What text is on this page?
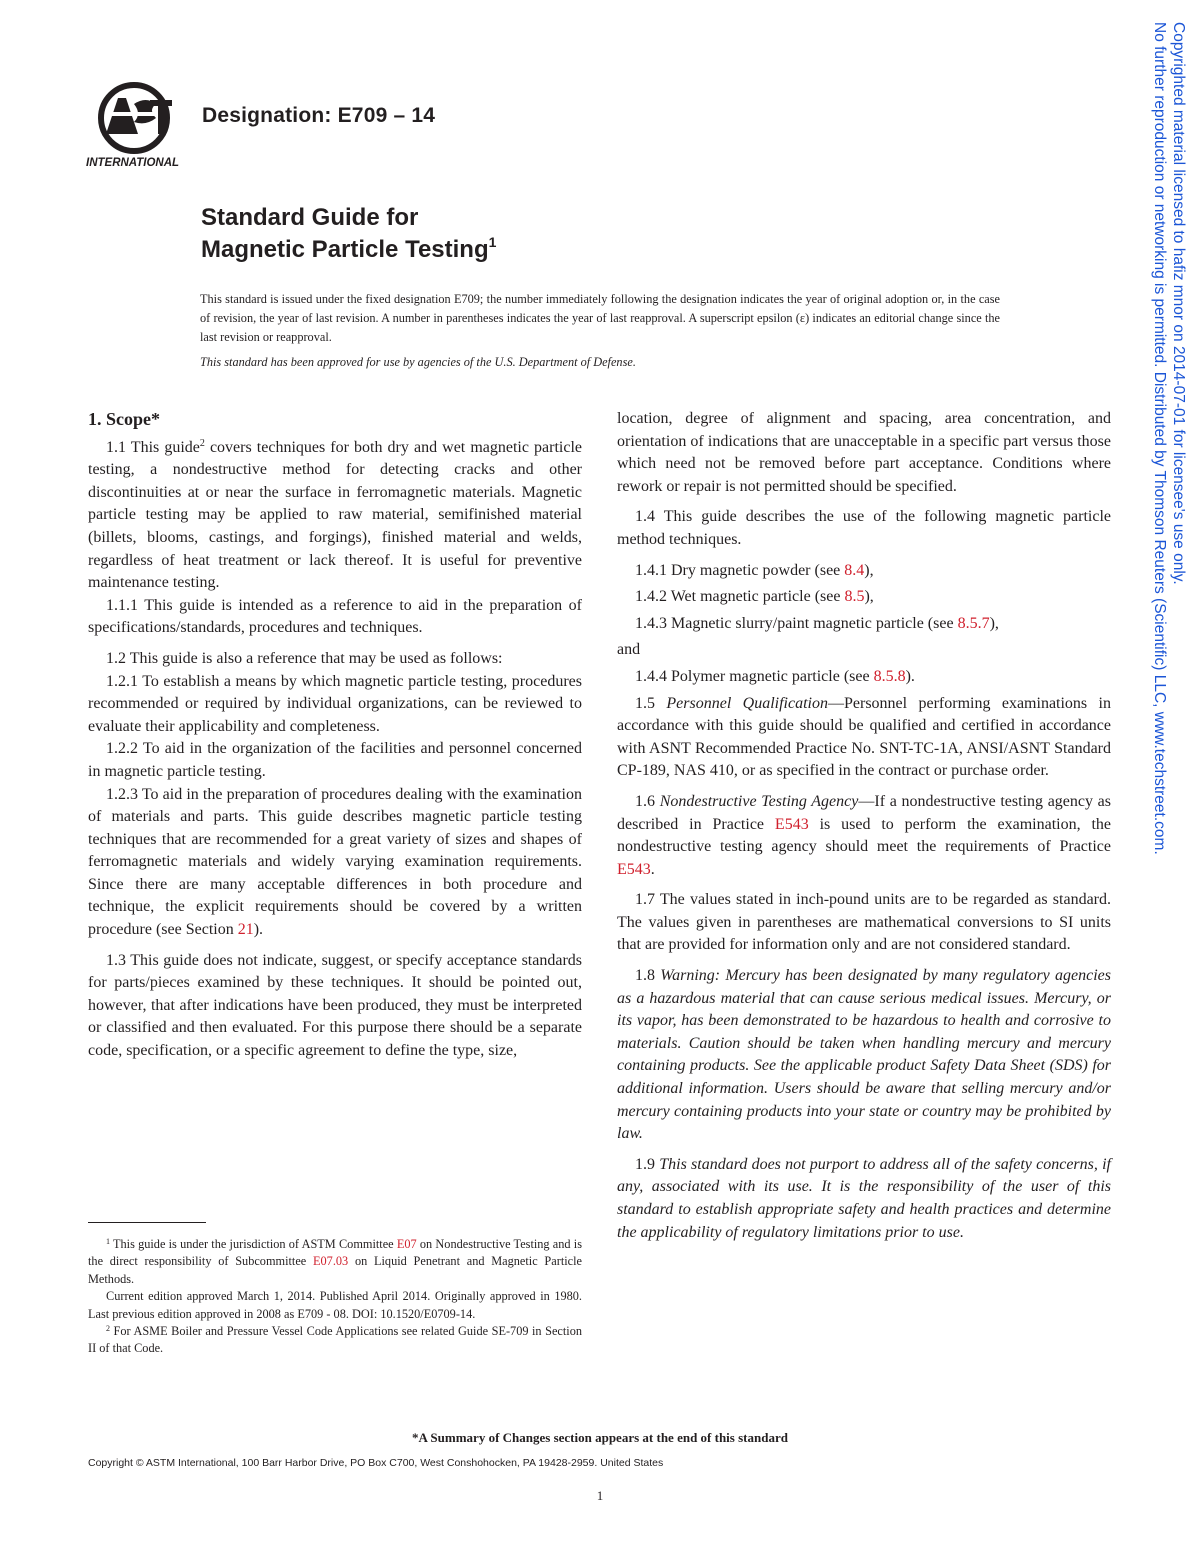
INTERNATIONAL
Designation: E709 – 14
Standard Guide for
Magnetic Particle Testing$^1$
This standard is issued under the fixed designation E709; the number immediately following the designation indicates the year of original adoption or, in the case of revision, the year of last revision. A number in parentheses indicates the year of last reapproval. A superscript epsilon (ε) indicates an editorial change since the last revision or reapproval.
This standard has been approved for use by agencies of the U.S. Department of Defense.
1. Scope*

1.1 This guide$^2$ covers techniques for both dry and wet magnetic particle testing, a nondestructive method for detecting cracks and other discontinuities at or near the surface in ferromagnetic materials. Magnetic particle testing may be applied to raw material, semifinished material (billets, blooms, castings, and forgings), finished material and welds, regardless of heat treatment or lack thereof. It is useful for preventive maintenance testing.

1.1.1 This guide is intended as a reference to aid in the preparation of specifications/standards, procedures and techniques.

1.2 This guide is also a reference that may be used as follows:

1.2.1 To establish a means by which magnetic particle testing, procedures recommended or required by individual organizations, can be reviewed to evaluate their applicability and completeness.

1.2.2 To aid in the organization of the facilities and personnel concerned in magnetic particle testing.

1.2.3 To aid in the preparation of procedures dealing with the examination of materials and parts. This guide describes magnetic particle testing techniques that are recommended for a great variety of sizes and shapes of ferromagnetic materials and widely varying examination requirements. Since there are many acceptable differences in both procedure and technique, the explicit requirements should be covered by a written procedure (see Section 21).

1.3 This guide does not indicate, suggest, or specify acceptance standards for parts/pieces examined by these techniques. It should be pointed out, however, that after indications have been produced, they must be interpreted or classified and then evaluated. For this purpose there should be a separate code, specification, or a specific agreement to define the type, size,

$^1$ This guide is under the jurisdiction of ASTM Committee E07 on Nondestructive Testing and is the direct responsibility of Subcommittee E07.03 on Liquid Penetrant and Magnetic Particle Methods.

Current edition approved March 1, 2014. Published April 2014. Originally approved in 1980. Last previous edition approved in 2008 as E709 - 08. DOI: 10.1520/E0709-14.

$^2$ For ASME Boiler and Pressure Vessel Code Applications see related Guide SE-709 in Section II of that Code.

location, degree of alignment and spacing, area concentration, and orientation of indications that are unacceptable in a specific part versus those which need not be removed before part acceptance. Conditions where rework or repair is not permitted should be specified.

1.4 This guide describes the use of the following magnetic particle method techniques.

1.4.1 Dry magnetic powder (see 8.4),

1.4.2 Wet magnetic particle (see 8.5),

1.4.3 Magnetic slurry/paint magnetic particle (see 8.5.7),

and

1.4.4 Polymer magnetic particle (see 8.5.8).

1.5 Personnel Qualification—Personnel performing examinations in accordance with this guide should be qualified and certified in accordance with ASNT Recommended Practice No. SNT-TC-1A, ANSI/ASNT Standard CP-189, NAS 410, or as specified in the contract or purchase order.

1.6 Nondestructive Testing Agency—If a nondestructive testing agency as described in Practice E543 is used to perform the examination, the nondestructive testing agency should meet the requirements of Practice E543.

1.7 The values stated in inch-pound units are to be regarded as standard. The values given in parentheses are mathematical conversions to SI units that are provided for information only and are not considered standard.

1.8 Warning: Mercury has been designated by many regulatory agencies as a hazardous material that can cause serious medical issues. Mercury, or its vapor, has been demonstrated to be hazardous to health and corrosive to materials. Caution should be taken when handling mercury and mercury containing products. See the applicable product Safety Data Sheet (SDS) for additional information. Users should be aware that selling mercury and/or mercury containing products into your state or country may be prohibited by law.

1.9 This standard does not purport to address all of the safety concerns, if any, associated with its use. It is the responsibility of the user of this standard to establish appropriate safety and health practices and determine the applicability of regulatory limitations prior to use.

*A Summary of Changes section appears at the end of this standard
Copyright © ASTM International, 100 Barr Harbor Drive, PO Box C700, West Conshohocken, PA 19428-2959. United States
1
Copyrighted material licensed to hafiz mnor on 2014-07-01 for licensee's use only.
No further reproduction or networking is permitted. Distributed by Thomson Reuters (Scientific) LLC, www.techstreet.com.
